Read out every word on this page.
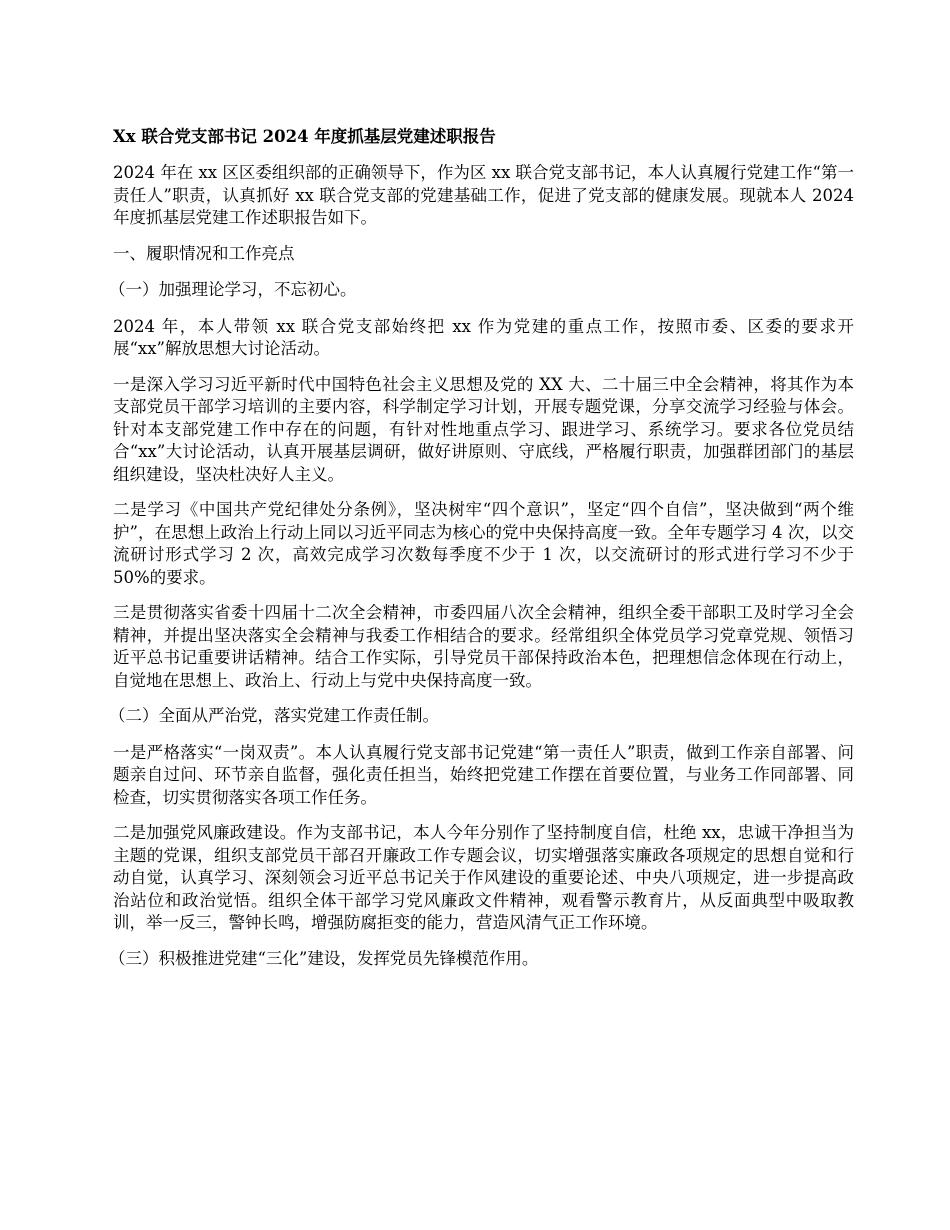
Xx 联合党支部书记 2024 年度抓基层党建述职报告

2024 年在 xx 区区委组织部的正确领导下，作为区 xx 联合党支部书记，本人认真履行党建工作“第一责任人”职责，认真抓好 xx 联合党支部的党建基础工作，促进了党支部的健康发展。现就本人 2024 年度抓基层党建工作述职报告如下。

一、履职情况和工作亮点

（一）加强理论学习，不忘初心。

2024 年，本人带领 xx 联合党支部始终把 xx 作为党建的重点工作，按照市委、区委的要求开展“xx”解放思想大讨论活动。

一是深入学习习近平新时代中国特色社会主义思想及党的 XX 大、二十届三中全会精神，将其作为本支部党员干部学习培训的主要内容，科学制定学习计划，开展专题党课，分享交流学习经验与体会。针对本支部党建工作中存在的问题，有针对性地重点学习、跟进学习、系统学习。要求各位党员结合“xx”大讨论活动，认真开展基层调研，做好讲原则、守底线，严格履行职责，加强群团部门的基层组织建设，坚决杜决好人主义。

二是学习《中国共产党纪律处分条例》，坚决树牢“四个意识”，坚定“四个自信”，坚决做到“两个维护”，在思想上政治上行动上同以习近平同志为核心的党中央保持高度一致。全年专题学习 4 次，以交流研讨形式学习 2 次，高效完成学习次数每季度不少于 1 次，以交流研讨的形式进行学习不少于 50%的要求。

三是贯彻落实省委十四届十二次全会精神，市委四届八次全会精神，组织全委干部职工及时学习全会精神，并提出坚决落实全会精神与我委工作相结合的要求。经常组织全体党员学习党章党规、领悟习近平总书记重要讲话精神。结合工作实际，引导党员干部保持政治本色，把理想信念体现在行动上，自觉地在思想上、政治上、行动上与党中央保持高度一致。

（二）全面从严治党，落实党建工作责任制。

一是严格落实“一岗双责”。本人认真履行党支部书记党建“第一责任人”职责，做到工作亲自部署、问题亲自过问、环节亲自监督，强化责任担当，始终把党建工作摆在首要位置，与业务工作同部署、同检查，切实贯彻落实各项工作任务。

二是加强党风廉政建设。作为支部书记，本人今年分别作了坚持制度自信，杜绝 xx，忠诚干净担当为主题的党课，组织支部党员干部召开廉政工作专题会议，切实增强落实廉政各项规定的思想自觉和行动自觉，认真学习、深刻领会习近平总书记关于作风建设的重要论述、中央八项规定，进一步提高政治站位和政治觉悟。组织全体干部学习党风廉政文件精神，观看警示教育片，从反面典型中吸取教训，举一反三，警钟长鸣，增强防腐拒变的能力，营造风清气正工作环境。

（三）积极推进党建“三化”建设，发挥党员先锋模范作用。
